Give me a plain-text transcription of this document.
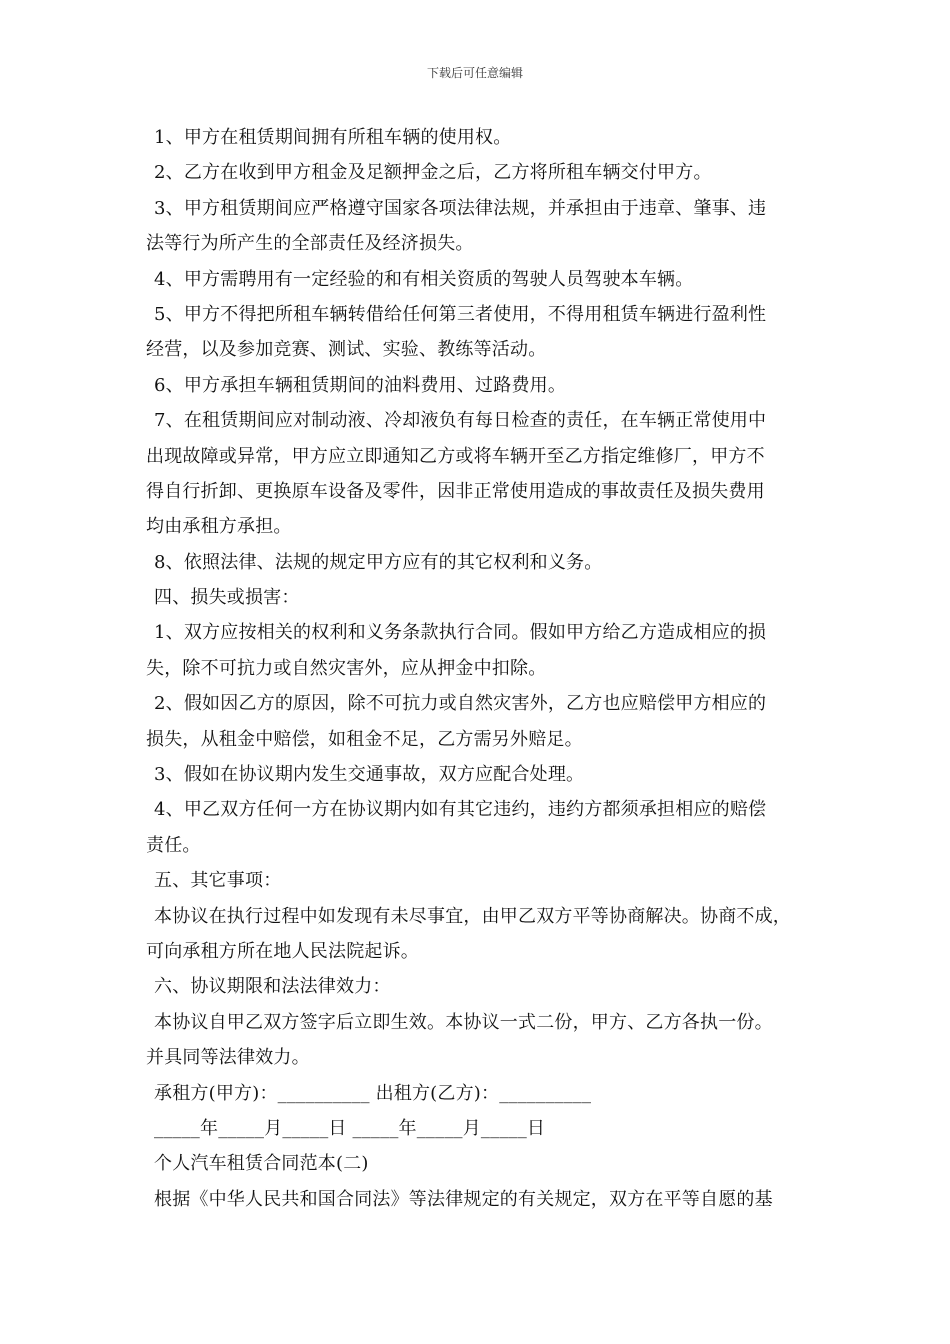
下载后可任意编辑
1、甲方在租赁期间拥有所租车辆的使用权。
2、乙方在收到甲方租金及足额押金之后，乙方将所租车辆交付甲方。
3、甲方租赁期间应严格遵守国家各项法律法规，并承担由于违章、肇事、违
法等行为所产生的全部责任及经济损失。
4、甲方需聘用有一定经验的和有相关资质的驾驶人员驾驶本车辆。
5、甲方不得把所租车辆转借给任何第三者使用，不得用租赁车辆进行盈利性
经营，以及参加竞赛、测试、实验、教练等活动。
6、甲方承担车辆租赁期间的油料费用、过路费用。
7、在租赁期间应对制动液、冷却液负有每日检查的责任，在车辆正常使用中
出现故障或异常，甲方应立即通知乙方或将车辆开至乙方指定维修厂，甲方不
得自行折卸、更换原车设备及零件，因非正常使用造成的事故责任及损失费用
均由承租方承担。
8、依照法律、法规的规定甲方应有的其它权利和义务。
四、损失或损害：
1、双方应按相关的权利和义务条款执行合同。假如甲方给乙方造成相应的损
失，除不可抗力或自然灾害外，应从押金中扣除。
2、假如因乙方的原因，除不可抗力或自然灾害外，乙方也应赔偿甲方相应的
损失，从租金中赔偿，如租金不足，乙方需另外赔足。
3、假如在协议期内发生交通事故，双方应配合处理。
4、甲乙双方任何一方在协议期内如有其它违约，违约方都须承担相应的赔偿
责任。
五、其它事项：
本协议在执行过程中如发现有未尽事宜，由甲乙双方平等协商解决。协商不成，
可向承租方所在地人民法院起诉。
六、协议期限和法法律效力：
本协议自甲乙双方签字后立即生效。本协议一式二份，甲方、乙方各执一份。
并具同等法律效力。
承租方(甲方)：__________ 出租方(乙方)：__________
_____年_____月_____日 _____年_____月_____日
个人汽车租赁合同范本(二)
根据《中华人民共和国合同法》等法律规定的有关规定，双方在平等自愿的基
